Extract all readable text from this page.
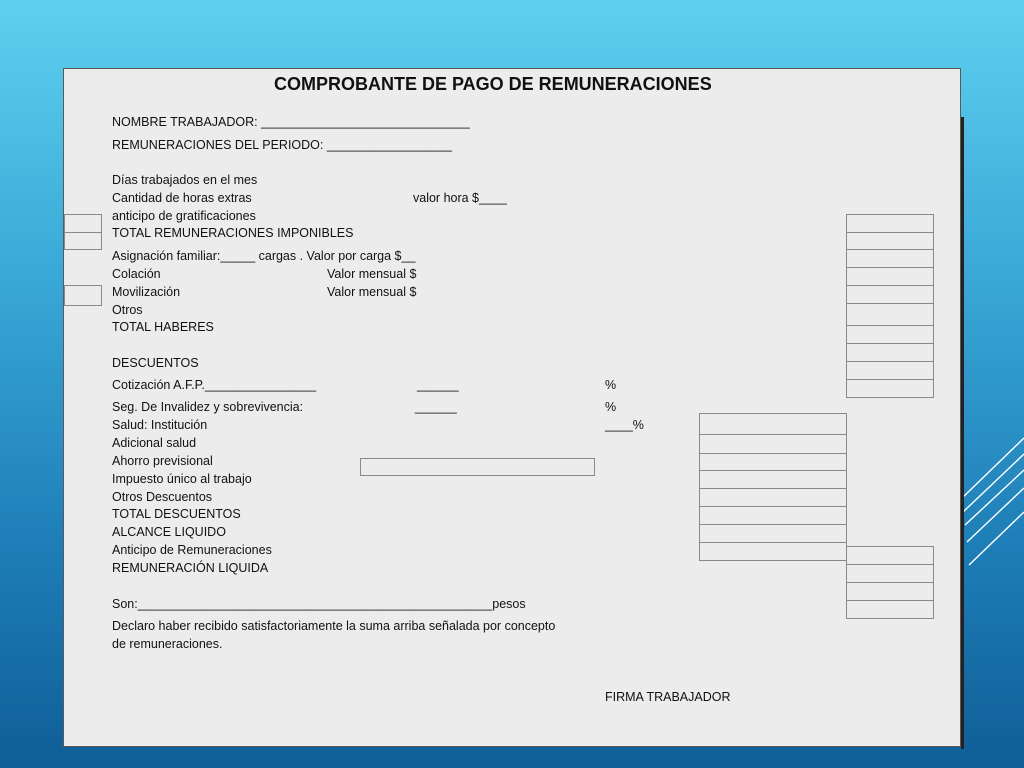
COMPROBANTE DE PAGO DE REMUNERACIONES
NOMBRE TRABAJADOR: ______________________________
REMUNERACIONES DEL PERIODO: __________________
Días trabajados en el mes
Cantidad de horas extras	valor hora $____
anticipo de gratificaciones
TOTAL REMUNERACIONES IMPONIBLES
Asignación familiar:_____ cargas . Valor por carga $__
Colación	Valor mensual $
Movilización	Valor mensual $
Otros
TOTAL HABERES
DESCUENTOS
Cotización A.F.P.________________	______	%
Seg. De Invalidez y sobrevivencia:	______	%
Salud: Institución	____%
Adicional salud
Ahorro previsional
Impuesto único al trabajo
Otros Descuentos
TOTAL DESCUENTOS
ALCANCE LIQUIDO
Anticipo de Remuneraciones
REMUNERACIÓN LIQUIDA
Son:___________________________________________________pesos
Declaro haber recibido satisfactoriamente la suma arriba señalada por concepto
de remuneraciones.
FIRMA TRABAJADOR
